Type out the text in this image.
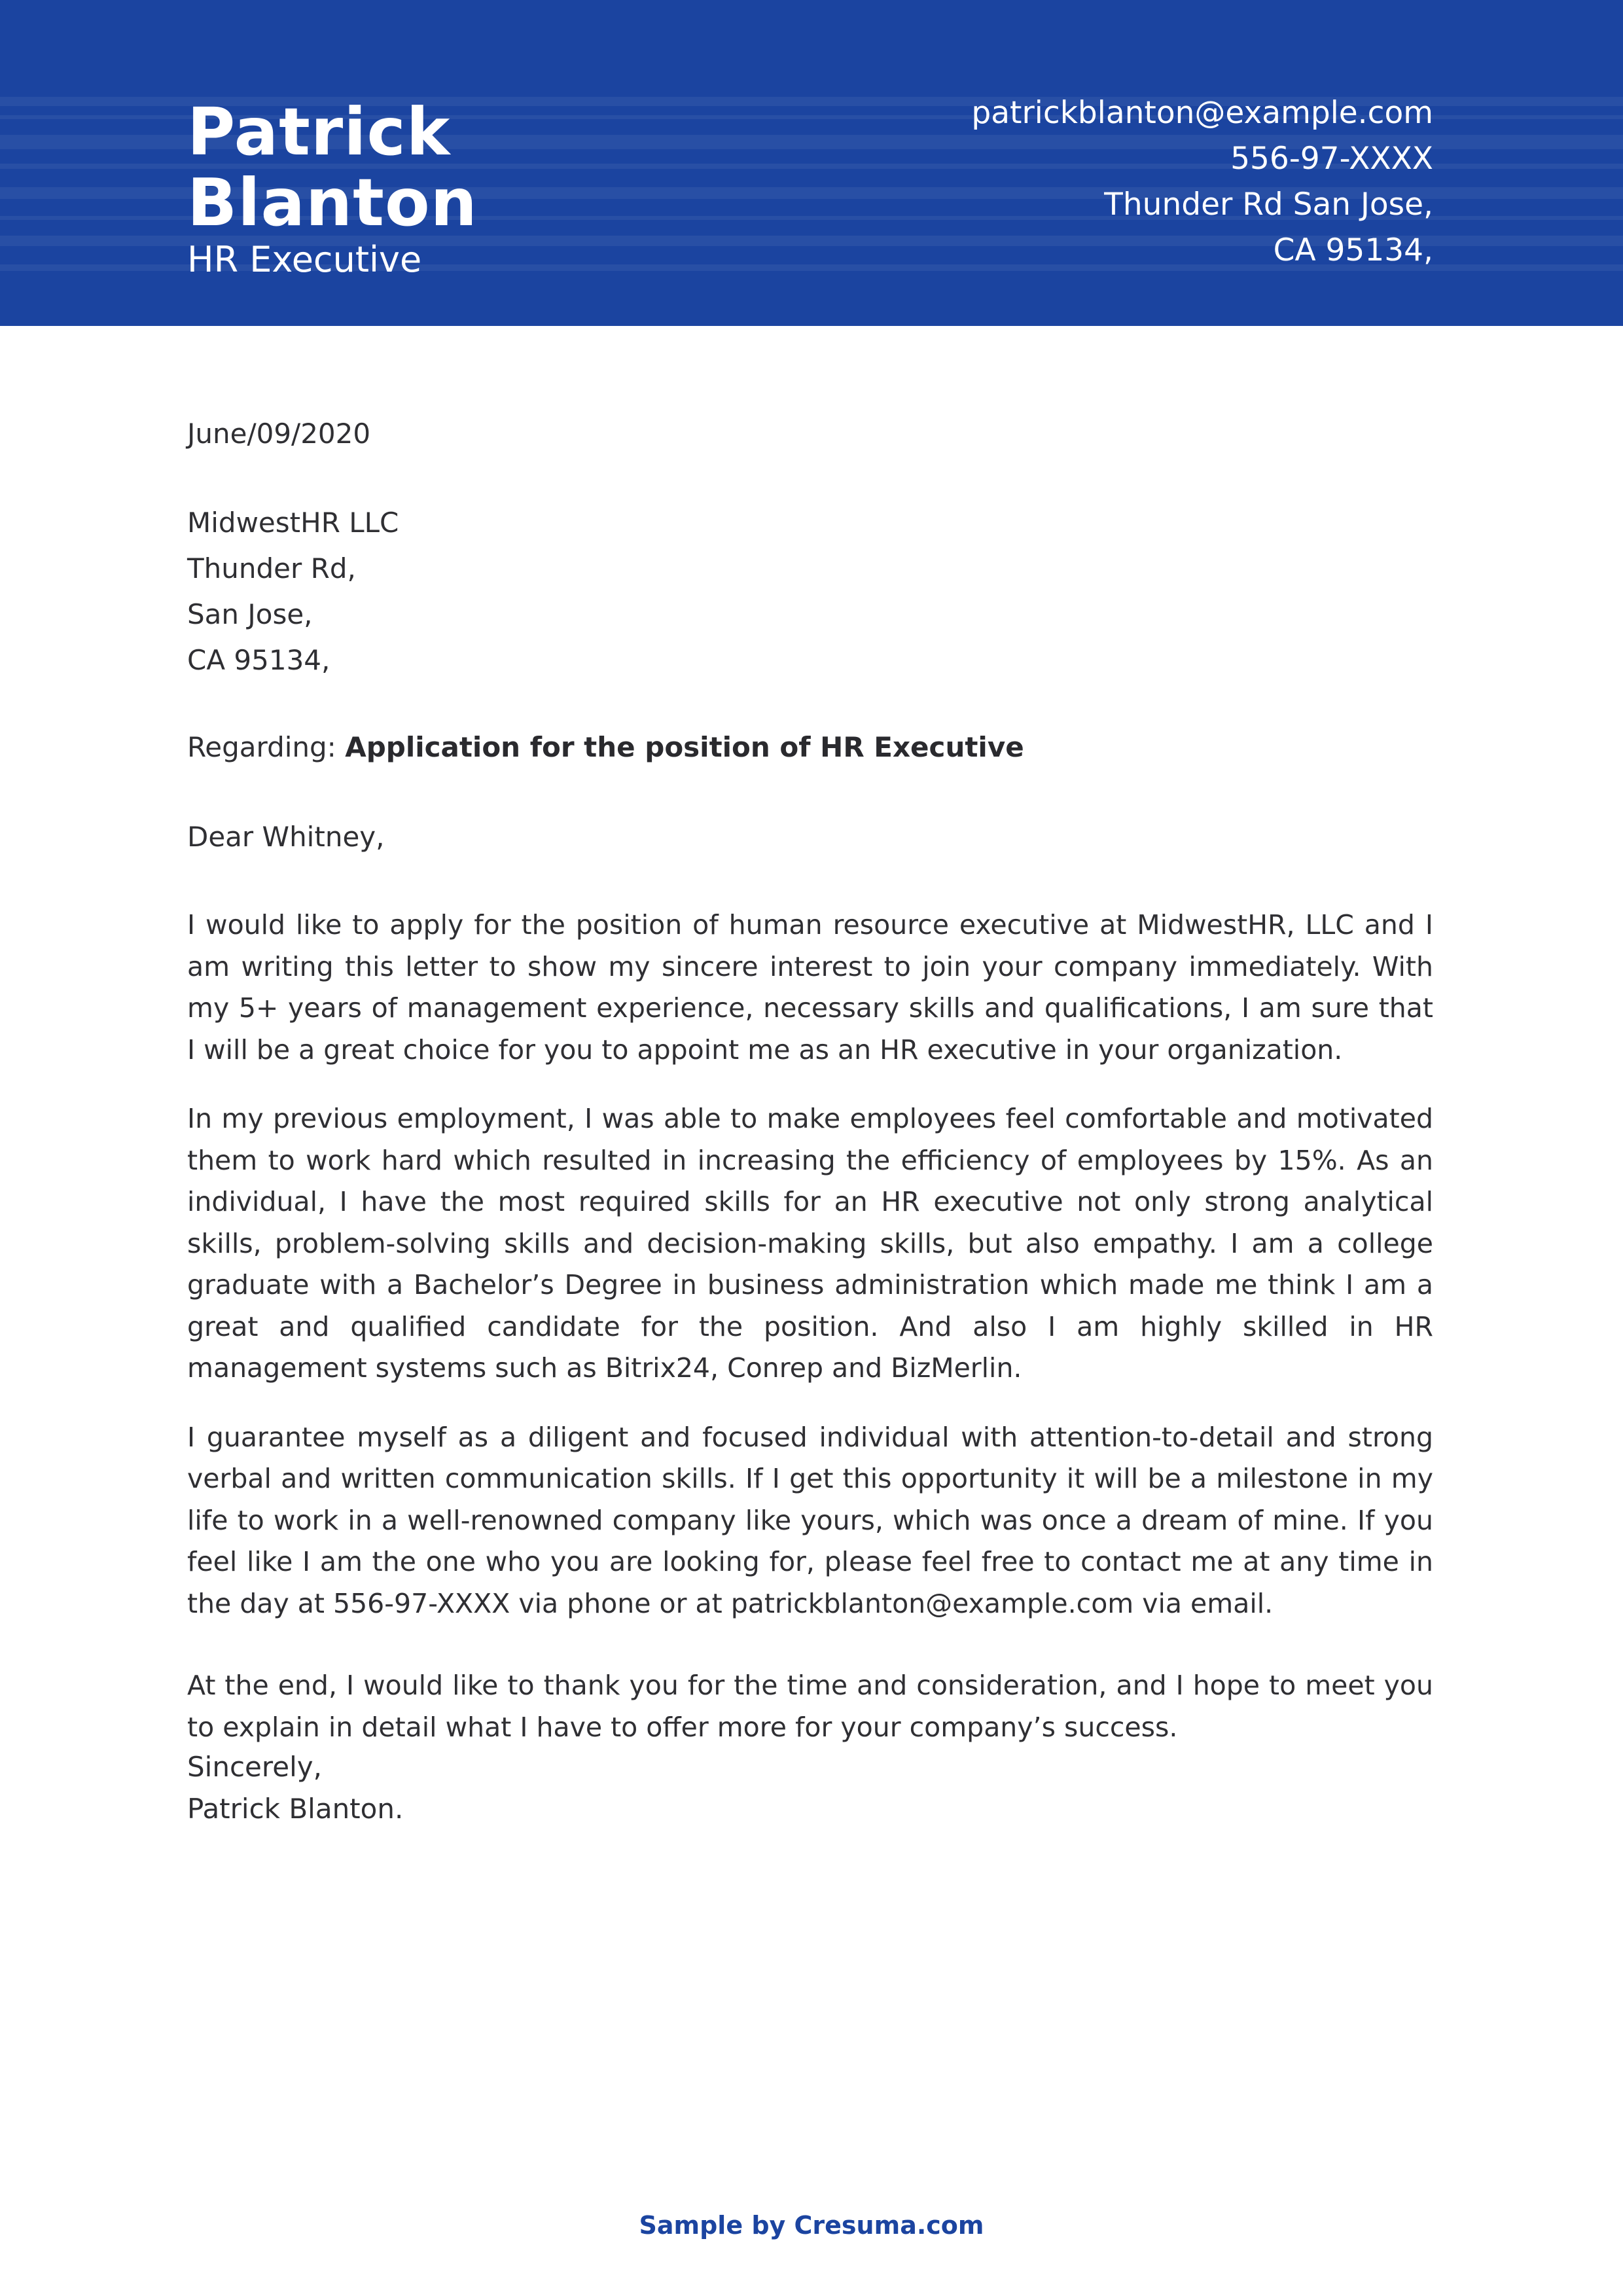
Patrick
Blanton
HR Executive
patrickblanton@example.com
556-97-XXXX
Thunder Rd San Jose,
CA 95134,
June/09/2020
MidwestHR LLC
Thunder Rd,
San Jose,
CA 95134,
Regarding: Application for the position of HR Executive
Dear Whitney,

I would like to apply for the position of human resource executive at MidwestHR, LLC and I am writing this letter to show my sincere interest to join your company immediately. With my 5+ years of management experience, necessary skills and qualifications, I am sure that I will be a great choice for you to appoint me as an HR executive in your organization.

In my previous employment, I was able to make employees feel comfortable and motivated them to work hard which resulted in increasing the efficiency of employees by 15%. As an individual, I have the most required skills for an HR executive not only strong analytical skills, problem-solving skills and decision-making skills, but also empathy. I am a college graduate with a Bachelor’s Degree in business administration which made me think I am a great and qualified candidate for the position. And also I am highly skilled in HR management systems such as Bitrix24, Conrep and BizMerlin.

I guarantee myself as a diligent and focused individual with attention-to-detail and strong verbal and written communication skills. If I get this opportunity it will be a milestone in my life to work in a well-renowned company like yours, which was once a dream of mine. If you feel like I am the one who you are looking for, please feel free to contact me at any time in the day at 556-97-XXXX via phone or at patrickblanton@example.com via email.

At the end, I would like to thank you for the time and consideration, and I hope to meet you to explain in detail what I have to offer more for your company’s success.

Sincerely,
Patrick Blanton.
Sample by Cresuma.com
